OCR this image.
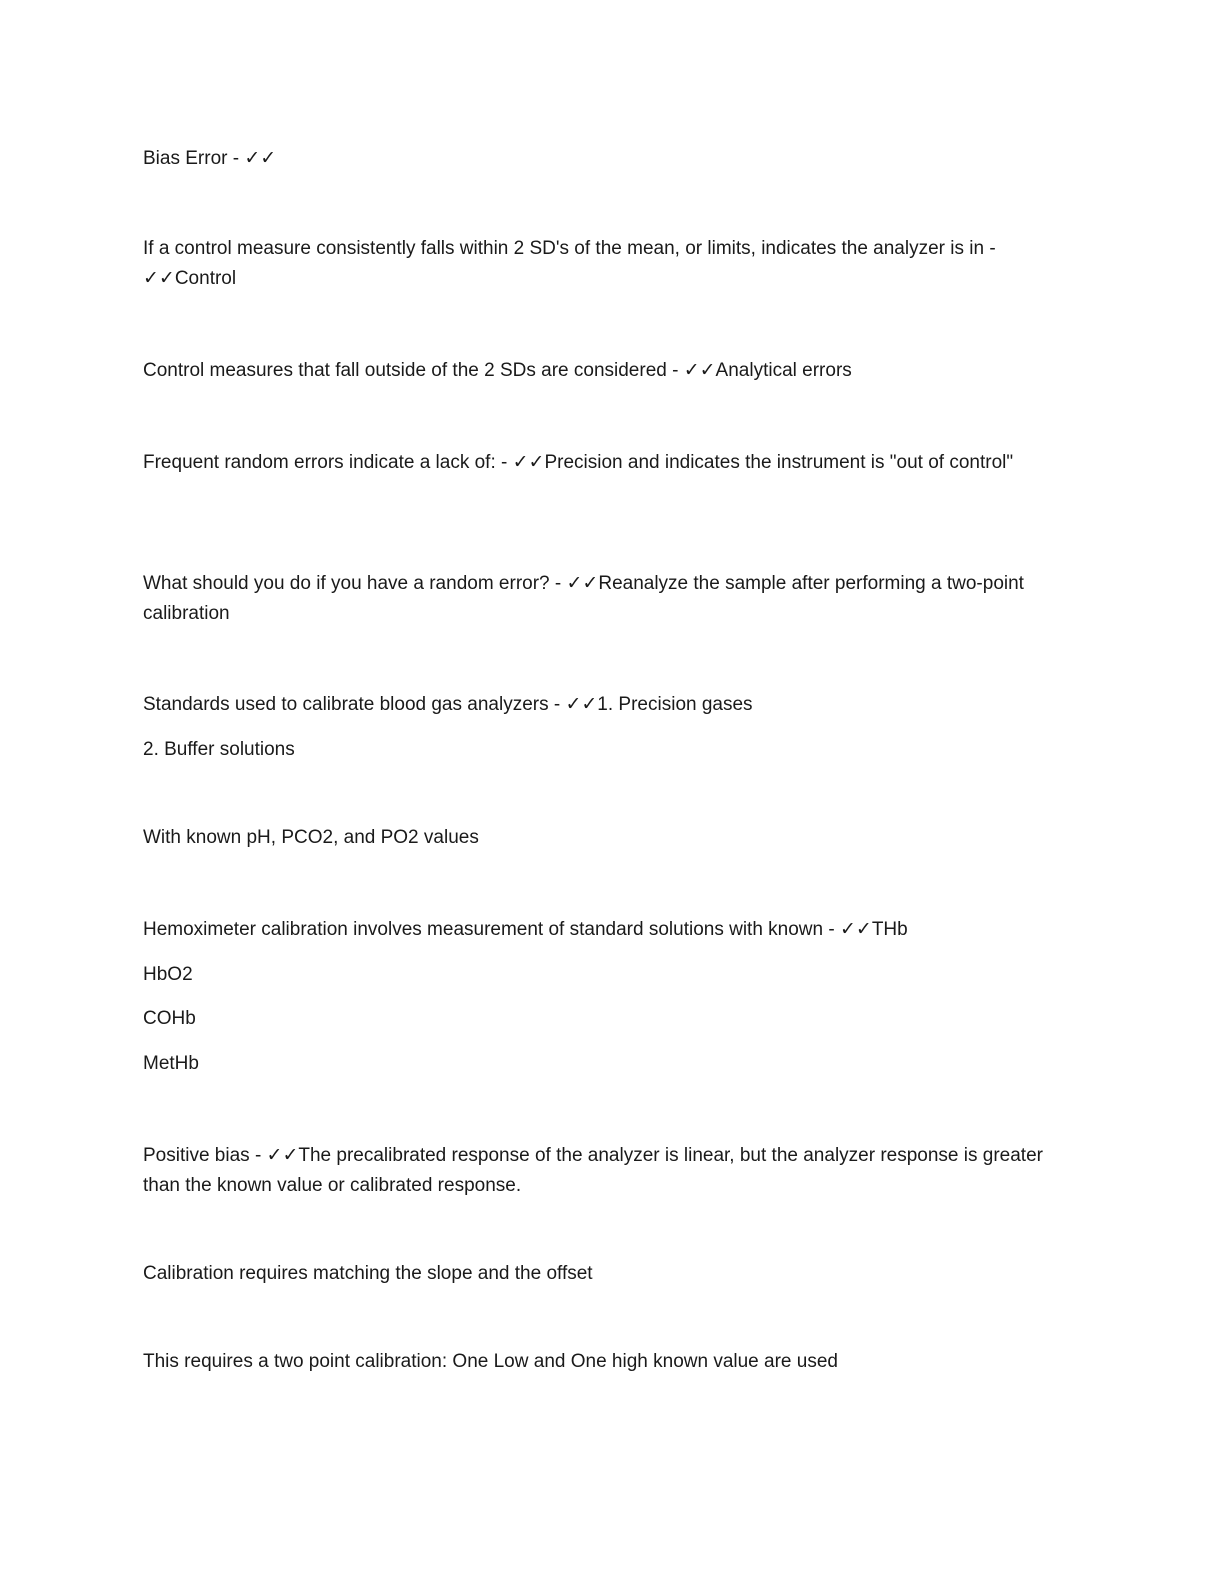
Bias Error - ✓✓

If a control measure consistently falls within 2 SD's of the mean, or limits, indicates the analyzer is in - ✓✓Control

Control measures that fall outside of the 2 SDs are considered - ✓✓Analytical errors

Frequent random errors indicate a lack of: - ✓✓Precision and indicates the instrument is "out of control"

What should you do if you have a random error? - ✓✓Reanalyze the sample after performing a two-point calibration

Standards used to calibrate blood gas analyzers - ✓✓1. Precision gases

2. Buffer solutions

With known pH, PCO2, and PO2 values

Hemoximeter calibration involves measurement of standard solutions with known - ✓✓THb

HbO2

COHb

MetHb

Positive bias - ✓✓The precalibrated response of the analyzer is linear, but the analyzer response is greater than the known value or calibrated response.

Calibration requires matching the slope and the offset

This requires a two point calibration: One Low and One high known value are used
